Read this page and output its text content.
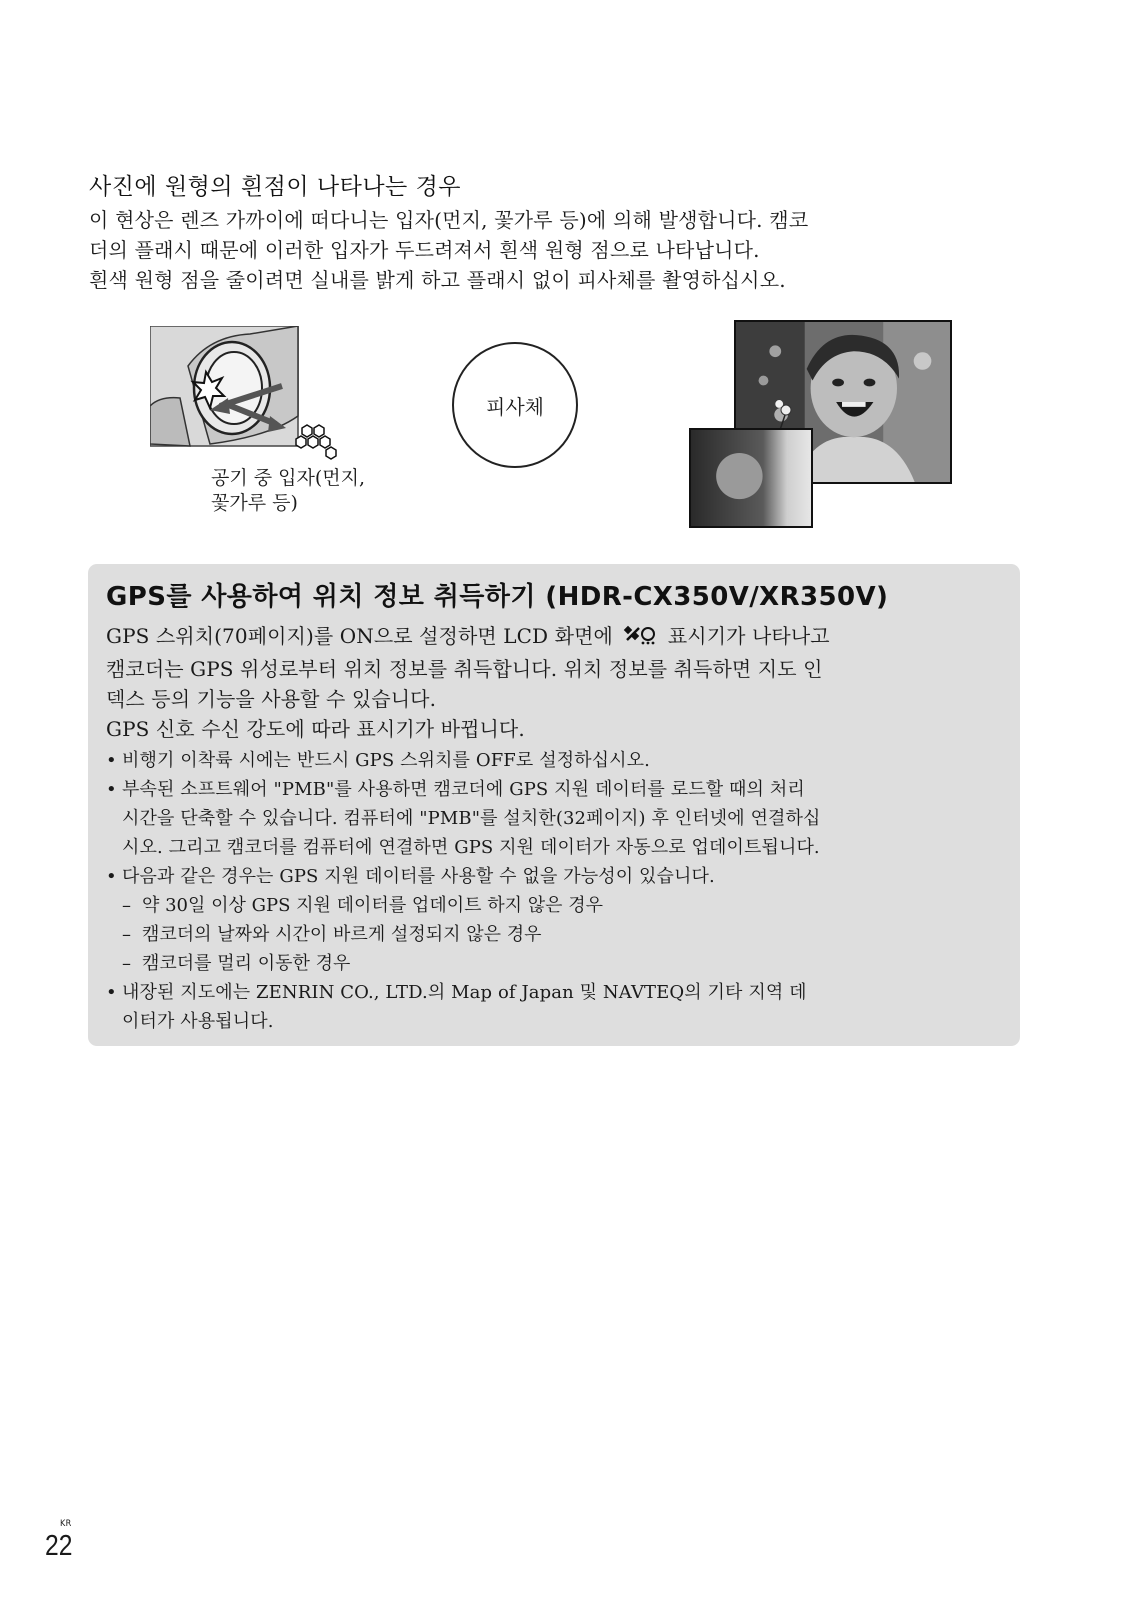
사진에 원형의 흰점이 나타나는 경우

이 현상은 렌즈 가까이에 떠다니는 입자(먼지, 꽃가루 등)에 의해 발생합니다. 캠코

더의 플래시 때문에 이러한 입자가 두드려져서 흰색 원형 점으로 나타납니다.

흰색 원형 점을 줄이려면 실내를 밝게 하고 플래시 없이 피사체를 촬영하십시오.

공기 중 입자(먼지,
꽃가루 등)
피사체
GPS를 사용하여 위치 정보 취득하기 (HDR-CX350V/XR350V)

GPS 스위치(70페이지)를 ON으로 설정하면 LCD 화면에	표시기가 나타나고

캠코더는 GPS 위성로부터 위치 정보를 취득합니다. 위치 정보를 취득하면 지도 인

덱스 등의 기능을 사용할 수 있습니다.

GPS 신호 수신 강도에 따라 표시기가 바뀝니다.

• 비행기 이착륙 시에는 반드시 GPS 스위치를 OFF로 설정하십시오.
• 부속된 소프트웨어 "PMB"를 사용하면 캠코더에 GPS 지원 데이터를 로드할 때의 처리
시간을 단축할 수 있습니다. 컴퓨터에 "PMB"를 설치한(32페이지) 후 인터넷에 연결하십
시오. 그리고 캠코더를 컴퓨터에 연결하면 GPS 지원 데이터가 자동으로 업데이트됩니다.
• 다음과 같은 경우는 GPS 지원 데이터를 사용할 수 없을 가능성이 있습니다.
– 약 30일 이상 GPS 지원 데이터를 업데이트 하지 않은 경우
– 캠코더의 날짜와 시간이 바르게 설정되지 않은 경우
– 캠코더를 멀리 이동한 경우
• 내장된 지도에는 ZENRIN CO., LTD.의 Map of Japan 및 NAVTEQ의 기타 지역 데
이터가 사용됩니다.
KR
22
